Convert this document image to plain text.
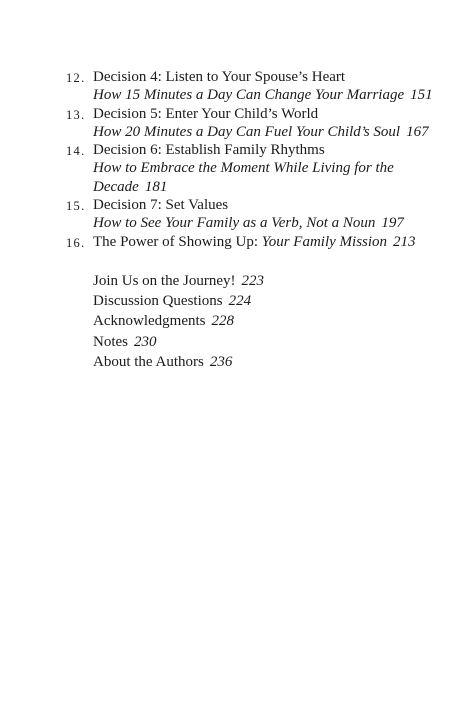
12. Decision 4: Listen to Your Spouse’s Heart
How 15 Minutes a Day Can Change Your Marriage 151
13. Decision 5: Enter Your Child’s World
How 20 Minutes a Day Can Fuel Your Child’s Soul 167
14. Decision 6: Establish Family Rhythms
How to Embrace the Moment While Living for the
Decade 181
15. Decision 7: Set Values
How to See Your Family as a Verb, Not a Noun 197
16. The Power of Showing Up: Your Family Mission 213
Join Us on the Journey! 223
Discussion Questions 224
Acknowledgments 228
Notes 230
About the Authors 236
